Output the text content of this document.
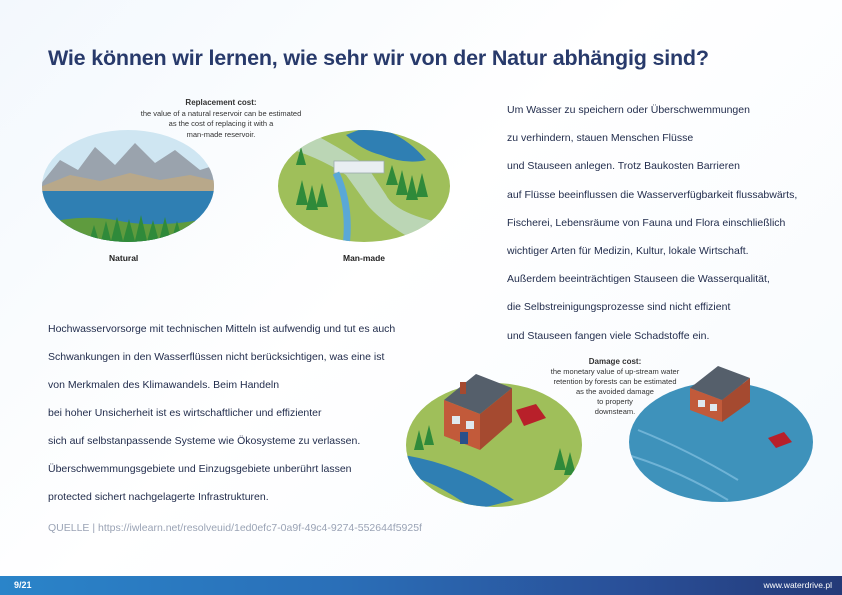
Wie können wir lernen, wie sehr wir von der Natur abhängig sind?
Replacement cost:
the value of a natural reservoir can be estimated
as the cost of replacing it with a
man-made reservoir.
Natural	Man-made
Um Wasser zu speichern oder Überschwemmungen
zu verhindern, stauen Menschen Flüsse
und Stauseen anlegen. Trotz Baukosten Barrieren
auf Flüsse beeinflussen die Wasserverfügbarkeit flussabwärts,
Fischerei, Lebensräume von Fauna und Flora einschließlich
wichtiger Arten für Medizin, Kultur, lokale Wirtschaft.
Außerdem beeinträchtigen Stauseen die Wasserqualität,
die Selbstreinigungsprozesse sind nicht effizient
und Stauseen fangen viele Schadstoffe ein.
Hochwasservorsorge mit technischen Mitteln ist aufwendig und tut es auch
Schwankungen in den Wasserflüssen nicht berücksichtigen, was eine ist
von Merkmalen des Klimawandels. Beim Handeln
bei hoher Unsicherheit ist es wirtschaftlicher und effizienter
sich auf selbstanpassende Systeme wie Ökosysteme zu verlassen.
Überschwemmungsgebiete und Einzugsgebiete unberührt lassen
protected sichert nachgelagerte Infrastrukturen.
Damage cost:
the monetary value of up-stream water
retention by forests can be estimated
as the avoided damage
to property
downsteam.
QUELLE | https://iwlearn.net/resolveuid/1ed0efc7-0a9f-49c4-9274-552644f5925f
9/21	www.waterdrive.pl
